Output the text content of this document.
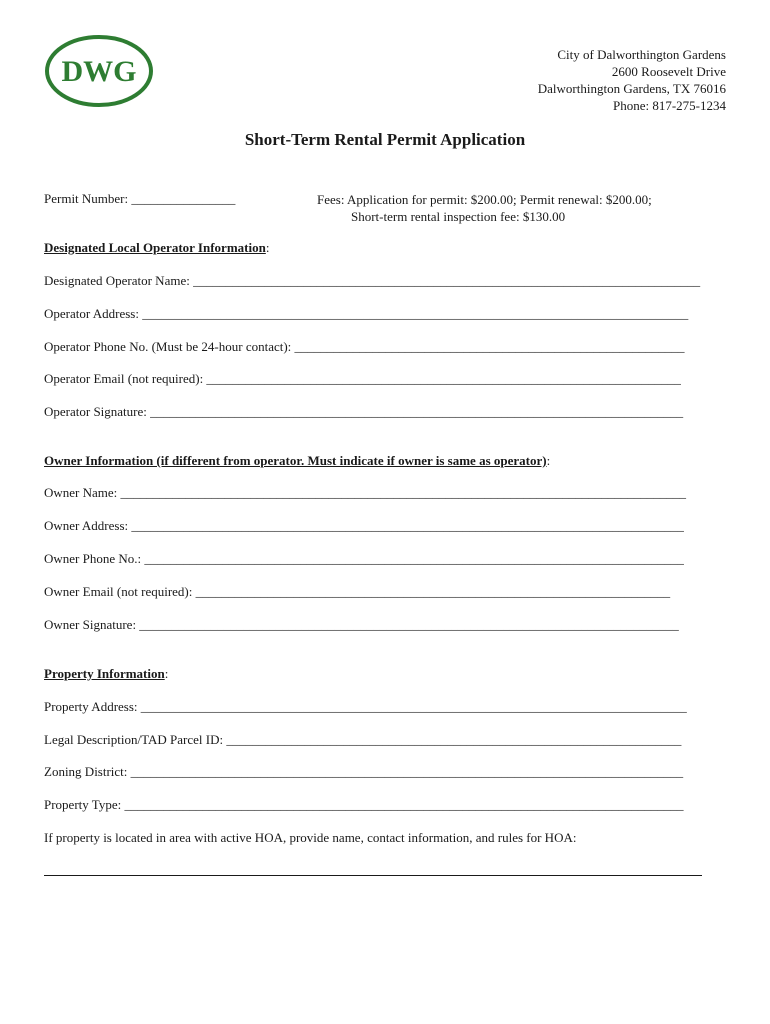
DWG
City of Dalworthington Gardens
2600 Roosevelt Drive
Dalworthington Gardens, TX 76016
Phone: 817-275-1234
Short-Term Rental Permit Application
Permit Number: ________________	Fees: Application for permit: $200.00; Permit renewal: $200.00;
Short-term rental inspection fee: $130.00
Designated Local Operator Information:
Designated Operator Name: ______________________________________________________________________________
Operator Address: ____________________________________________________________________________________
Operator Phone No. (Must be 24-hour contact): ____________________________________________________________
Operator Email (not required): _________________________________________________________________________
Operator Signature: __________________________________________________________________________________
Owner Information (if different from operator. Must indicate if owner is same as operator):
Owner Name: _______________________________________________________________________________________
Owner Address: _____________________________________________________________________________________
Owner Phone No.: ___________________________________________________________________________________
Owner Email (not required): _________________________________________________________________________
Owner Signature: ___________________________________________________________________________________
Property Information:
Property Address: ____________________________________________________________________________________
Legal Description/TAD Parcel ID: ______________________________________________________________________
Zoning District: _____________________________________________________________________________________
Property Type: ______________________________________________________________________________________
If property is located in area with active HOA, provide name, contact information, and rules for HOA:
